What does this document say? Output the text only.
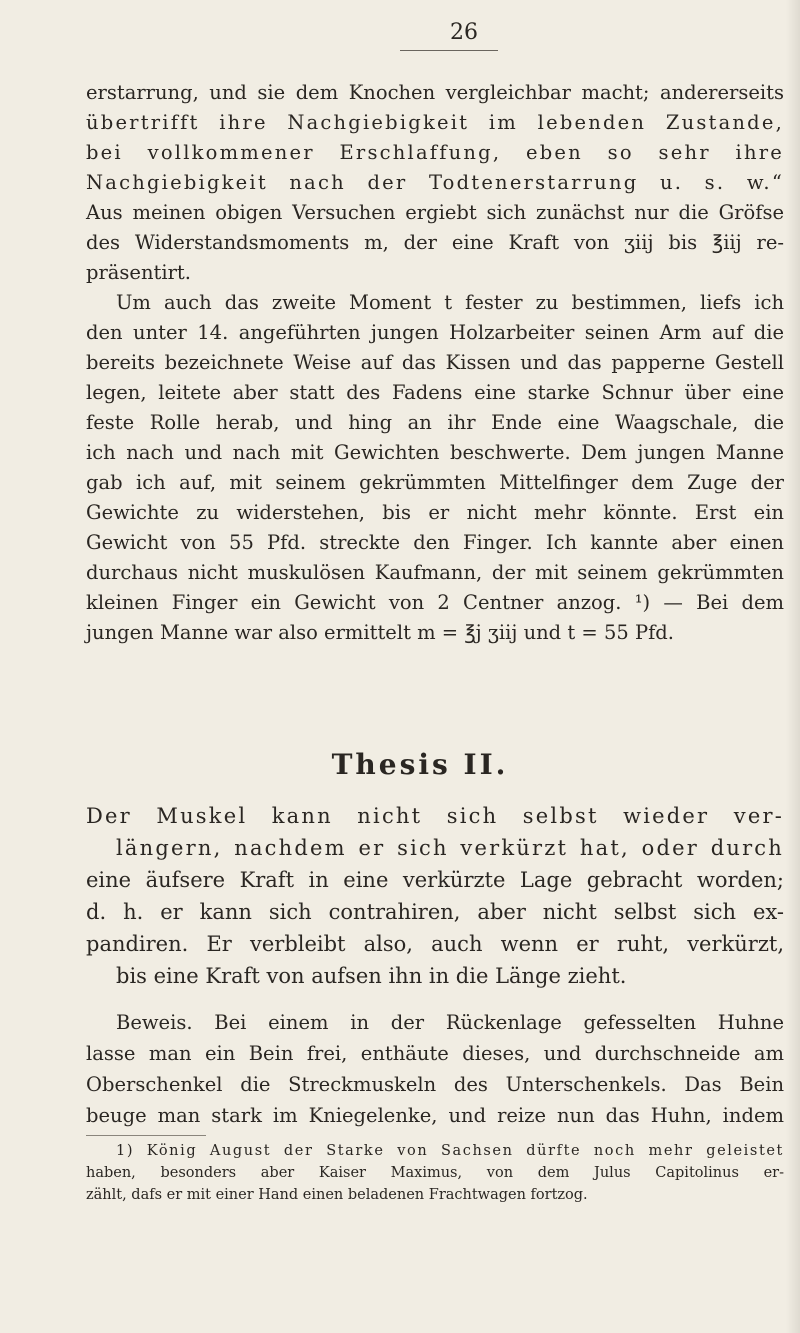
26
erstarrung, und sie dem Knochen vergleichbar macht; andererseits
übertrifft ihre Nachgiebigkeit im lebenden Zustande,
bei vollkommener Erschlaffung, eben so sehr ihre
Nachgiebigkeit nach der Todtenerstarrung u. s. w.“
Aus meinen obigen Versuchen ergiebt sich zunächst nur die Gröfse
des Widerstandsmoments m, der eine Kraft von ʒiij bis ℥iij re-
präsentirt.
Um auch das zweite Moment t fester zu bestimmen, liefs ich
den unter 14. angeführten jungen Holzarbeiter seinen Arm auf die
bereits bezeichnete Weise auf das Kissen und das papperne Gestell
legen, leitete aber statt des Fadens eine starke Schnur über eine
feste Rolle herab, und hing an ihr Ende eine Waagschale, die
ich nach und nach mit Gewichten beschwerte. Dem jungen Manne
gab ich auf, mit seinem gekrümmten Mittelfinger dem Zuge der
Gewichte zu widerstehen, bis er nicht mehr könnte. Erst ein
Gewicht von 55 Pfd. streckte den Finger. Ich kannte aber einen
durchaus nicht muskulösen Kaufmann, der mit seinem gekrümmten
kleinen Finger ein Gewicht von 2 Centner anzog. ¹) — Bei dem
jungen Manne war also ermittelt m = ℥j ʒiij und t = 55 Pfd.
Thesis II.
Der Muskel kann nicht sich selbst wieder ver-
längern, nachdem er sich verkürzt hat, oder durch
eine äufsere Kraft in eine verkürzte Lage gebracht worden;
d. h. er kann sich contrahiren, aber nicht selbst sich ex-
pandiren. Er verbleibt also, auch wenn er ruht, verkürzt,
bis eine Kraft von aufsen ihn in die Länge zieht.
Beweis. Bei einem in der Rückenlage gefesselten Huhne
lasse man ein Bein frei, enthäute dieses, und durchschneide am
Oberschenkel die Streckmuskeln des Unterschenkels. Das Bein
beuge man stark im Kniegelenke, und reize nun das Huhn, indem
1) König August der Starke von Sachsen dürfte noch mehr geleistet
haben, besonders aber Kaiser Maximus, von dem Julus Capitolinus er-
zählt, dafs er mit einer Hand einen beladenen Frachtwagen fortzog.
